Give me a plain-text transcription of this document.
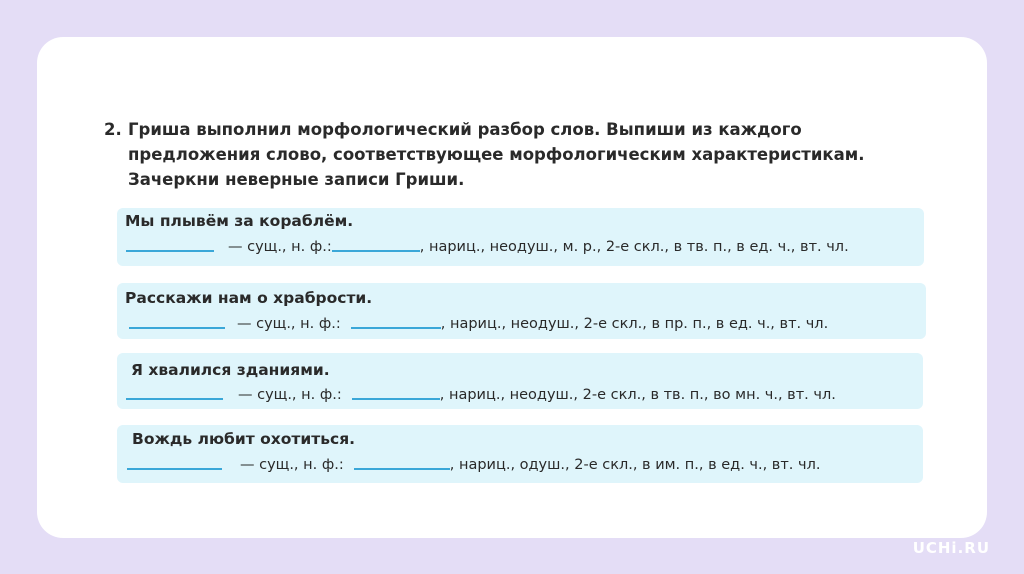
2. Гриша выполнил морфологический разбор слов. Выпиши из каждого
предложения слово, соответствующее морфологическим характеристикам.
Зачеркни неверные записи Гриши.
Мы плывём за кораблём.
— сущ., н. ф.:	, нариц., неодуш., м. р., 2-е скл., в тв. п., в ед. ч., вт. чл.
Расскажи нам о храбрости.
— сущ., н. ф.:	, нариц., неодуш., 2-е скл., в пр. п., в ед. ч., вт. чл.
Я хвалился зданиями.
— сущ., н. ф.:	, нариц., неодуш., 2-е скл., в тв. п., во мн. ч., вт. чл.
Вождь любит охотиться.
— сущ., н. ф.:	, нариц., одуш., 2-е скл., в им. п., в ед. ч., вт. чл.
UCHi.RU
